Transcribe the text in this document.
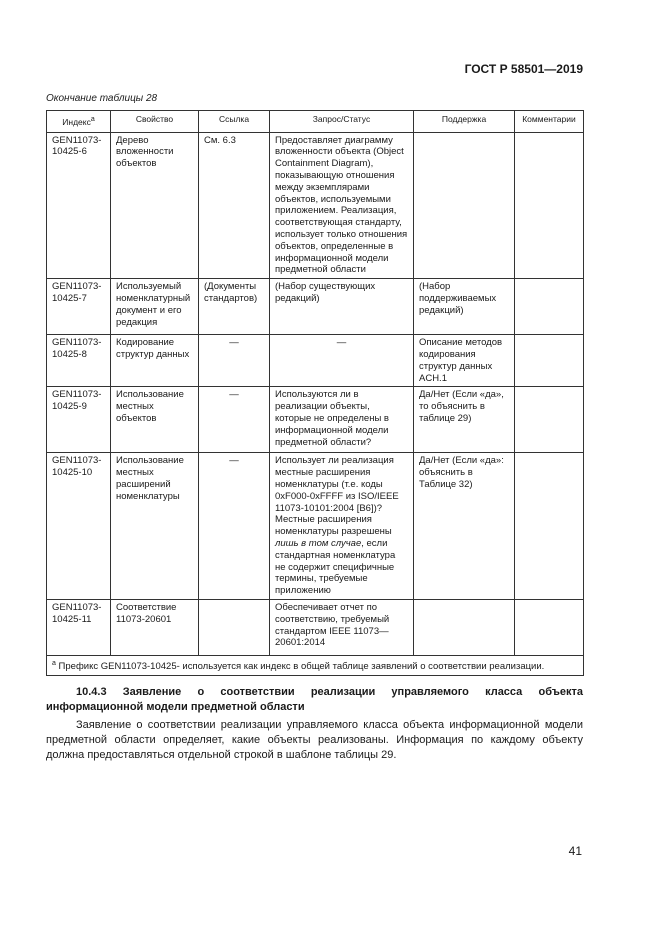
ГОСТ Р 58501—2019
Окончание таблицы 28
Индекс$^а$	Свойство	Ссылка	Запрос/Статус	Поддержка	Комментарии
GEN11073-10425-6	Дерево вложенности объектов	См. 6.3	Предоставляет диаграмму вложенности объекта (Object Containment Diagram), показывающую отношения между экземплярами объектов, используемыми приложением. Реализация, соответствующая стандарту, использует только отношения объектов, определенные в информационной модели предметной области		
GEN11073-10425-7	Используемый номенклатурный документ и его редакция	(Документы стандартов)	(Набор существующих редакций)	(Набор поддерживаемых редакций)	
GEN11073-10425-8	Кодирование структур данных	—	—	Описание методов кодирования структур данных ACH.1	
GEN11073-10425-9	Использование местных объектов	—	Используются ли в реализации объекты, которые не определены в информационной модели предметной области?	Да/Нет (Если «да», то объяснить в таблице 29)	
GEN11073-10425-10	Использование местных расширений номенклатуры	—	Использует ли реализация местные расширения номенклатуры (т.е. коды 0xF000-0xFFFF из ISO/IEEE 11073-10101:2004 [B6])? Местные расширения номенклатуры разрешены лишь в том случае, если стандартная номенклатура не содержит специфичные термины, требуемые приложению	Да/Нет (Если «да»: объяснить в Таблице 32)	
GEN11073-10425-11	Соответствие 11073-20601		Обеспечивает отчет по соответствию, требуемый стандартом IEEE 11073—20601:2014		
$^а$ Префикс GEN11073-10425- используется как индекс в общей таблице заявлений о соответствии реализации.					
10.4.3 Заявление о соответствии реализации управляемого класса объекта информационной модели предметной области
Заявление о соответствии реализации управляемого класса объекта информационной модели предметной области определяет, какие объекты реализованы. Информация по каждому объекту должна предоставляться отдельной строкой в шаблоне таблицы 29.
41
